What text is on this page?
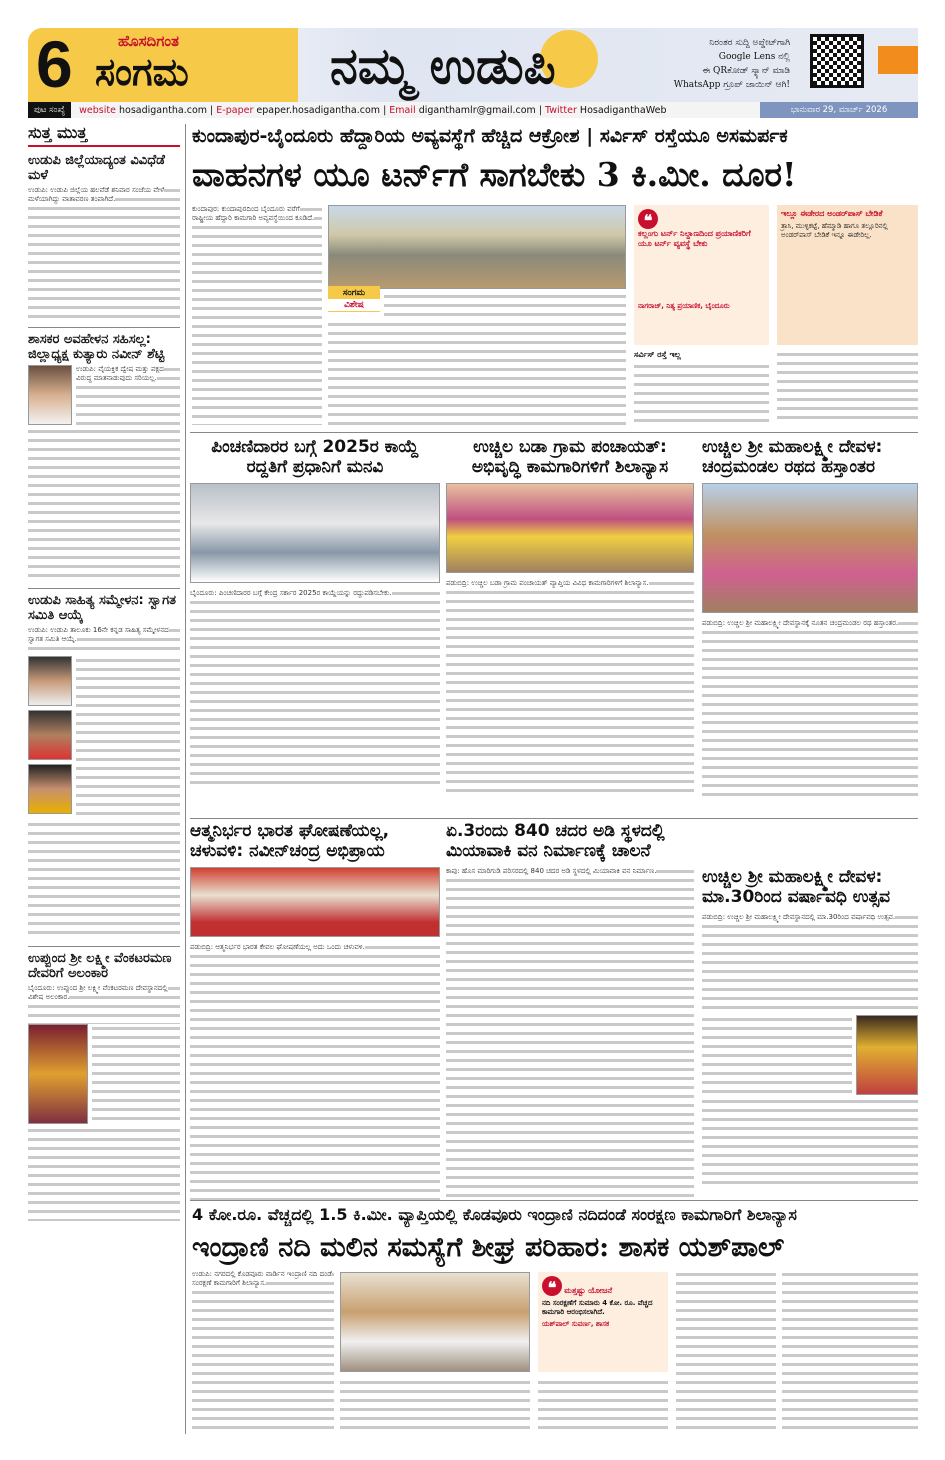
6	ಹೊಸದಿಗಂತ
ಸಂಗಮ	ನಮ್ಮ ಉಡುಪಿ	ನಿರಂತರ ಸುದ್ದಿ ಅಪ್ಡೇಟ್‌ಗಾಗಿ
Google Lens ನಲ್ಲಿ
ಈ QRಕೋಡ್ ಸ್ಕ್ಯಾನ್ ಮಾಡಿ
WhatsApp ಗ್ರೂಪ್ ಜಾಯಿನ್ ಆಗಿ!
ಪುಟ ಸಂಖ್ಯೆ	website
hosadigantha.com | E-paper
epaper.hosadigantha.com | Email
diganthamlr@gmail.com | Twitter
HosadiganthaWeb	ಭಾನುವಾರ 29, ಮಾರ್ಚ್ 2026
ಸುತ್ತ ಮುತ್ತ
ಉಡುಪಿ ಜಿಲ್ಲೆಯಾದ್ಯಂತ ವಿವಿಧೆಡೆ ಮಳೆ
ಉಡುಪಿ: ಉಡುಪಿ ಜಿಲ್ಲೆಯ ಹಲವೆಡೆ ಶನಿವಾರ ಸಂಜೆಯ ವೇಳೆ ಮಳೆಯಾಗಿದ್ದು ವಾತಾವರಣ ತಂಪಾಗಿದೆ.
ಶಾಸಕರ ಅವಹೇಳನ ಸಹಿಸಲ್ಲ: ಜಿಲ್ಲಾಧ್ಯಕ್ಷ ಕುತ್ಯಾರು ನವೀನ್ ಶೆಟ್ಟಿ
ಉಡುಪಿ: ವೈಯಕ್ತಿಕ ದ್ವೇಷ ಮತ್ತು ಪಕ್ಷದ ವಿರುದ್ಧ ಮಾತನಾಡುವುದು ಸರಿಯಲ್ಲ.
ಉಡುಪಿ ಸಾಹಿತ್ಯ ಸಮ್ಮೇಳನ: ಸ್ವಾಗತ ಸಮಿತಿ ಆಯ್ಕೆ
ಉಡುಪಿ: ಉಡುಪಿ ತಾಲೂಕು 16ನೇ ಕನ್ನಡ ಸಾಹಿತ್ಯ ಸಮ್ಮೇಳನದ ಸ್ವಾಗತ ಸಮಿತಿ ಆಯ್ಕೆ.
ಉಪ್ಪುಂದ ಶ್ರೀ ಲಕ್ಷ್ಮೀ ವೆಂಕಟರಮಣ ದೇವರಿಗೆ ಅಲಂಕಾರ
ಬೈಂದೂರು: ಉಪ್ಪುಂದ ಶ್ರೀ ಲಕ್ಷ್ಮೀ ವೆಂಕಟರಮಣ ದೇವಸ್ಥಾನದಲ್ಲಿ ವಿಶೇಷ ಅಲಂಕಾರ.
ಕುಂದಾಪುರ-ಬೈಂದೂರು ಹೆದ್ದಾರಿಯ ಅವ್ಯವಸ್ಥೆಗೆ ಹೆಚ್ಚಿದ ಆಕ್ರೋಶ | ಸರ್ವಿಸ್ ರಸ್ತೆಯೂ ಅಸಮರ್ಪಕ
ವಾಹನಗಳ ಯೂ ಟರ್ನ್‌ಗೆ ಸಾಗಬೇಕು 3 ಕಿ.ಮೀ. ದೂರ!
ಕುಂದಾಪುರ: ಕುಂದಾಪುರದಿಂದ ಬೈಂದೂರು ವರೆಗೆ ರಾಷ್ಟ್ರೀಯ ಹೆದ್ದಾರಿ ಕಾಮಗಾರಿ ಅವ್ಯವಸ್ಥೆಯಿಂದ ಕೂಡಿದೆ.
ಸಂಗಮ
ವಿಶೇಷ
❝
ಕಲ್ಲಂಗು ಟರ್ನ್ ನಿಲ್ದಾಣದಿಂದ ಪ್ರಯಾಣಿಕರಿಗೆ ಯೂ ಟರ್ನ್ ವ್ಯವಸ್ಥೆ ಬೇಕು
ನಾಗರಾಜ್, ನಿತ್ಯ ಪ್ರಯಾಣಿಕ, ಬೈಂದೂರು
ಸರ್ವಿಸ್ ರಸ್ತೆ ಇಲ್ಲ
ಇಲ್ಲೂ ಈಡೇರದ ಅಂಡರ್‌ಪಾಸ್ ಬೇಡಿಕೆ
ತ್ರಾಸಿ, ಮುಳ್ಳಿಕಟ್ಟೆ, ಹೆಮ್ಮಾಡಿ ಹಾಗೂ ತಲ್ಲೂರಿನಲ್ಲಿ ಅಂಡರ್‌ಪಾಸ್ ಬೇಡಿಕೆ ಇನ್ನೂ ಈಡೇರಿಲ್ಲ.
ಪಿಂಚಣಿದಾರರ ಬಗ್ಗೆ 2025ರ ಕಾಯ್ದೆ ರದ್ದತಿಗೆ ಪ್ರಧಾನಿಗೆ ಮನವಿ
ಬೈಂದೂರು: ಪಿಂಚಣಿದಾರರ ಬಗ್ಗೆ ಕೇಂದ್ರ ಸರ್ಕಾರ 2025ರ ಕಾಯ್ದೆಯನ್ನು ರದ್ದುಪಡಿಸಬೇಕು.
ಉಚ್ಚಿಲ ಬಡಾ ಗ್ರಾಮ ಪಂಚಾಯತ್: ಅಭಿವೃದ್ಧಿ ಕಾಮಗಾರಿಗಳಿಗೆ ಶಿಲಾನ್ಯಾಸ
ಪಡುಬಿದ್ರಿ: ಉಚ್ಚಿಲ ಬಡಾ ಗ್ರಾಮ ಪಂಚಾಯತ್ ವ್ಯಾಪ್ತಿಯ ವಿವಿಧ ಕಾಮಗಾರಿಗಳಿಗೆ ಶಿಲಾನ್ಯಾಸ.
ಉಚ್ಚಿಲ ಶ್ರೀ ಮಹಾಲಕ್ಷ್ಮೀ ದೇವಳ: ಚಂದ್ರಮಂಡಲ ರಥದ ಹಸ್ತಾಂತರ
ಪಡುಬಿದ್ರಿ: ಉಚ್ಚಿಲ ಶ್ರೀ ಮಹಾಲಕ್ಷ್ಮೀ ದೇವಸ್ಥಾನಕ್ಕೆ ನೂತನ ಚಂದ್ರಮಂಡಲ ರಥ ಹಸ್ತಾಂತರ.
ಆತ್ಮನಿರ್ಭರ ಭಾರತ ಘೋಷಣೆಯಲ್ಲ, ಚಳುವಳಿ: ನವೀನ್‌ಚಂದ್ರ ಅಭಿಪ್ರಾಯ
ಪಡುಬಿದ್ರಿ: ಆತ್ಮನಿರ್ಭರ ಭಾರತ ಕೇವಲ ಘೋಷಣೆಯಲ್ಲ ಅದು ಒಂದು ಚಳುವಳಿ.
ಏ.3ರಂದು 840 ಚದರ ಅಡಿ ಸ್ಥಳದಲ್ಲಿ ಮಿಯಾವಾಕಿ ವನ ನಿರ್ಮಾಣಕ್ಕೆ ಚಾಲನೆ
ಕಾಪು: ಹೊಸ ಮಾರಿಗುಡಿ ಪರಿಸರದಲ್ಲಿ 840 ಚದರ ಅಡಿ ಸ್ಥಳದಲ್ಲಿ ಮಿಯಾವಾಕಿ ವನ ನಿರ್ಮಾಣ.	ಉಚ್ಚಿಲ ಶ್ರೀ ಮಹಾಲಕ್ಷ್ಮೀ ದೇವಳ: ಮಾ.30ರಿಂದ ವರ್ಷಾವಧಿ ಉತ್ಸವ
ಪಡುಬಿದ್ರಿ: ಉಚ್ಚಿಲ ಶ್ರೀ ಮಹಾಲಕ್ಷ್ಮೀ ದೇವಸ್ಥಾನದಲ್ಲಿ ಮಾ.30ರಿಂದ ವರ್ಷಾವಧಿ ಉತ್ಸವ.
4 ಕೋ.ರೂ. ವೆಚ್ಚದಲ್ಲಿ 1.5 ಕಿ.ಮೀ. ವ್ಯಾಪ್ತಿಯಲ್ಲಿ ಕೊಡವೂರು ಇಂದ್ರಾಣಿ ನದಿದಂಡೆ ಸಂರಕ್ಷಣ ಕಾಮಗಾರಿಗೆ ಶಿಲಾನ್ಯಾಸ
ಇಂದ್ರಾಣಿ ನದಿ ಮಲಿನ ಸಮಸ್ಯೆಗೆ ಶೀಘ್ರ ಪರಿಹಾರ: ಶಾಸಕ ಯಶ್‌ಪಾಲ್
ಉಡುಪಿ: ನಗರದಲ್ಲಿ ಕೊಡವೂರು ವಾರ್ಡಿನ ಇಂದ್ರಾಣಿ ನದಿ ದಂಡೆ ಸಂರಕ್ಷಣೆ ಕಾಮಗಾರಿಗೆ ಶಿಲಾನ್ಯಾಸ.	❝ ಮತ್ತಷ್ಟು ಯೋಜನೆ
ನದಿ ಸಂರಕ್ಷಣೆಗೆ ಸುಮಾರು 4 ಕೋ. ರೂ. ವೆಚ್ಚದ ಕಾಮಗಾರಿ ಆರಂಭಿಸಲಾಗಿದೆ.
ಯಶ್‌ಪಾಲ್ ಸುವರ್ಣ, ಶಾಸಕ
